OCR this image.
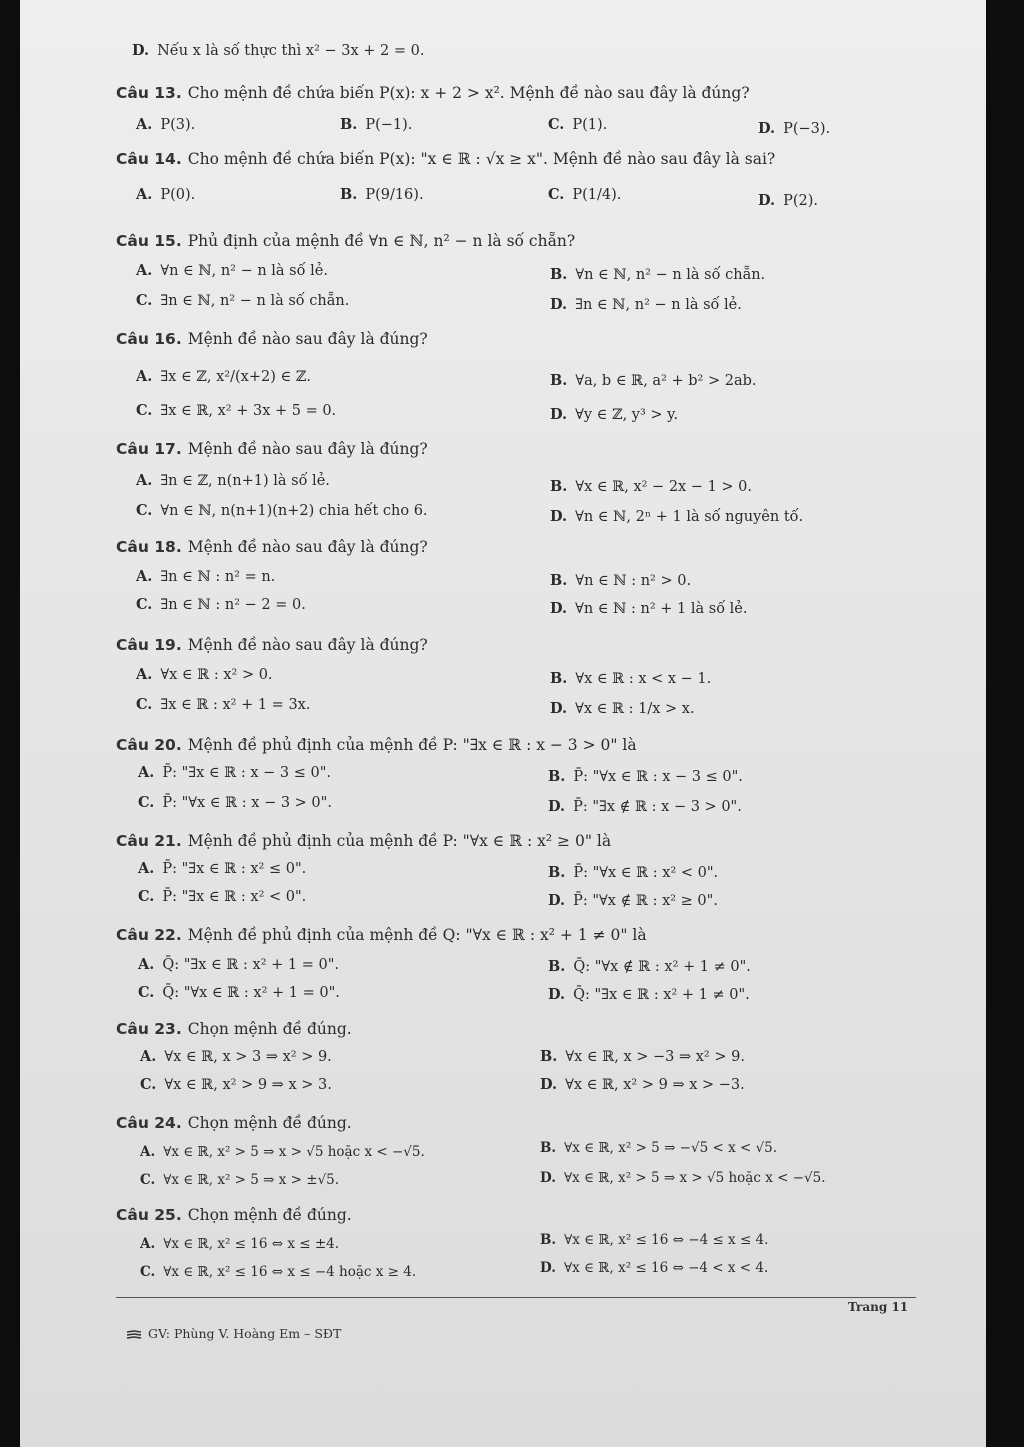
D. Nếu x là số thực thì x² − 3x + 2 = 0.
Câu 13. Cho mệnh đề chứa biến P(x): x + 2 > x². Mệnh đề nào sau đây là đúng?
A. P(3).	B. P(−1).	C. P(1).	D. P(−3).
Câu 14. Cho mệnh đề chứa biến P(x): "x ∈ ℝ : √x ≥ x". Mệnh đề nào sau đây là sai?
A. P(0).	B. P(9/16).	C. P(1/4).	D. P(2).
Câu 15. Phủ định của mệnh đề ∀n ∈ ℕ, n² − n là số chẵn?
A. ∀n ∈ ℕ, n² − n là số lẻ.	B. ∀n ∈ ℕ, n² − n là số chẵn.
C. ∃n ∈ ℕ, n² − n là số chẵn.	D. ∃n ∈ ℕ, n² − n là số lẻ.
Câu 16. Mệnh đề nào sau đây là đúng?
A. ∃x ∈ ℤ, x²/(x+2) ∈ ℤ.	B. ∀a, b ∈ ℝ, a² + b² > 2ab.
C. ∃x ∈ ℝ, x² + 3x + 5 = 0.	D. ∀y ∈ ℤ, y³ > y.
Câu 17. Mệnh đề nào sau đây là đúng?
A. ∃n ∈ ℤ, n(n+1) là số lẻ.	B. ∀x ∈ ℝ, x² − 2x − 1 > 0.
C. ∀n ∈ ℕ, n(n+1)(n+2) chia hết cho 6.	D. ∀n ∈ ℕ, 2ⁿ + 1 là số nguyên tố.
Câu 18. Mệnh đề nào sau đây là đúng?
A. ∃n ∈ ℕ : n² = n.	B. ∀n ∈ ℕ : n² > 0.
C. ∃n ∈ ℕ : n² − 2 = 0.	D. ∀n ∈ ℕ : n² + 1 là số lẻ.
Câu 19. Mệnh đề nào sau đây là đúng?
A. ∀x ∈ ℝ : x² > 0.	B. ∀x ∈ ℝ : x < x − 1.
C. ∃x ∈ ℝ : x² + 1 = 3x.	D. ∀x ∈ ℝ : 1/x > x.
Câu 20. Mệnh đề phủ định của mệnh đề P: "∃x ∈ ℝ : x − 3 > 0" là
A. P̄: "∃x ∈ ℝ : x − 3 ≤ 0".	B. P̄: "∀x ∈ ℝ : x − 3 ≤ 0".
C. P̄: "∀x ∈ ℝ : x − 3 > 0".	D. P̄: "∃x ∉ ℝ : x − 3 > 0".
Câu 21. Mệnh đề phủ định của mệnh đề P: "∀x ∈ ℝ : x² ≥ 0" là
A. P̄: "∃x ∈ ℝ : x² ≤ 0".	B. P̄: "∀x ∈ ℝ : x² < 0".
C. P̄: "∃x ∈ ℝ : x² < 0".	D. P̄: "∀x ∉ ℝ : x² ≥ 0".
Câu 22. Mệnh đề phủ định của mệnh đề Q: "∀x ∈ ℝ : x² + 1 ≠ 0" là
A. Q̄: "∃x ∈ ℝ : x² + 1 = 0".	B. Q̄: "∀x ∉ ℝ : x² + 1 ≠ 0".
C. Q̄: "∀x ∈ ℝ : x² + 1 = 0".	D. Q̄: "∃x ∈ ℝ : x² + 1 ≠ 0".
Câu 23. Chọn mệnh đề đúng.
A. ∀x ∈ ℝ, x > 3 ⇒ x² > 9.	B. ∀x ∈ ℝ, x > −3 ⇒ x² > 9.
C. ∀x ∈ ℝ, x² > 9 ⇒ x > 3.	D. ∀x ∈ ℝ, x² > 9 ⇒ x > −3.
Câu 24. Chọn mệnh đề đúng.
A. ∀x ∈ ℝ, x² > 5 ⇒ x > √5 hoặc x < −√5.	B. ∀x ∈ ℝ, x² > 5 ⇒ −√5 < x < √5.
C. ∀x ∈ ℝ, x² > 5 ⇒ x > ±√5.	D. ∀x ∈ ℝ, x² > 5 ⇒ x > √5 hoặc x < −√5.
Câu 25. Chọn mệnh đề đúng.
A. ∀x ∈ ℝ, x² ≤ 16 ⇔ x ≤ ±4.	B. ∀x ∈ ℝ, x² ≤ 16 ⇔ −4 ≤ x ≤ 4.
C. ∀x ∈ ℝ, x² ≤ 16 ⇔ x ≤ −4 hoặc x ≥ 4.	D. ∀x ∈ ℝ, x² ≤ 16 ⇔ −4 < x < 4.
Trang 11
GV: Phùng V. Hoàng Em – SĐT
